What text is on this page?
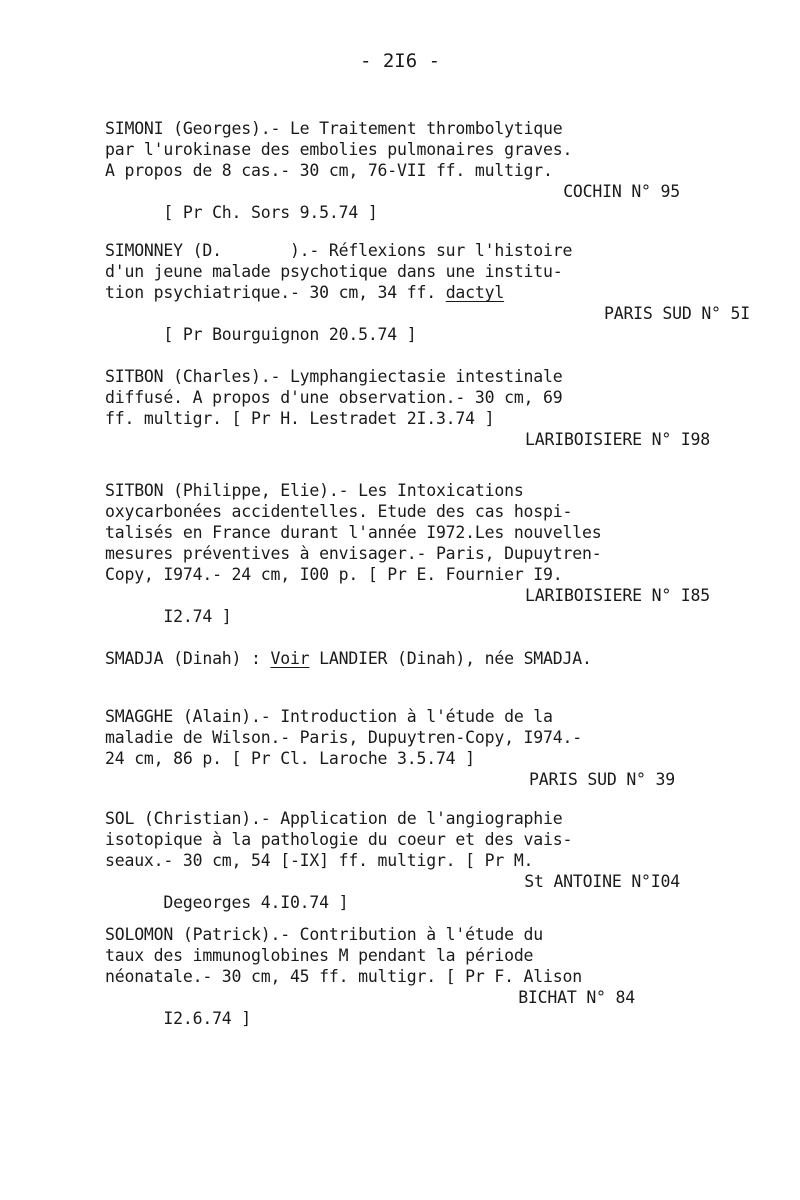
- 2I6 -
SIMONI (Georges).- Le Traitement thrombolytique
par l'urokinase des embolies pulmonaires graves.
A propos de 8 cas.- 30 cm, 76-VII ff. multigr.

[ Pr Ch. Sors 9.5.74 ]

COCHIN N° 95

SIMONNEY (D.       ).- Réflexions sur l'histoire
d'un jeune malade psychotique dans une institu-
tion psychiatrique.- 30 cm, 34 ff. dactyl

[ Pr Bourguignon 20.5.74 ]

PARIS SUD N° 5I

SITBON (Charles).- Lymphangiectasie intestinale
diffusé. A propos d'une observation.- 30 cm, 69
ff. multigr. [ Pr H. Lestradet 2I.3.74 ]

LARIBOISIERE N° I98

SITBON (Philippe, Elie).- Les Intoxications
oxycarbonées accidentelles. Etude des cas hospi-
talisés en France durant l'année I972.Les nouvelles
mesures préventives à envisager.- Paris, Dupuytren-
Copy, I974.- 24 cm, I00 p. [ Pr E. Fournier I9.

I2.74 ]

LARIBOISIERE N° I85

SMADJA (Dinah) : Voir LANDIER (Dinah), née SMADJA.
SMAGGHE (Alain).- Introduction à l'étude de la
maladie de Wilson.- Paris, Dupuytren-Copy, I974.-
24 cm, 86 p. [ Pr Cl. Laroche 3.5.74 ]

PARIS SUD N° 39

SOL (Christian).- Application de l'angiographie
isotopique à la pathologie du coeur et des vais-
seaux.- 30 cm, 54 [-IX] ff. multigr. [ Pr M.

Degeorges 4.I0.74 ]

St ANTOINE N°I04

SOLOMON (Patrick).- Contribution à l'étude du
taux des immunoglobines M pendant la période
néonatale.- 30 cm, 45 ff. multigr. [ Pr F. Alison

I2.6.74 ]

BICHAT N° 84
